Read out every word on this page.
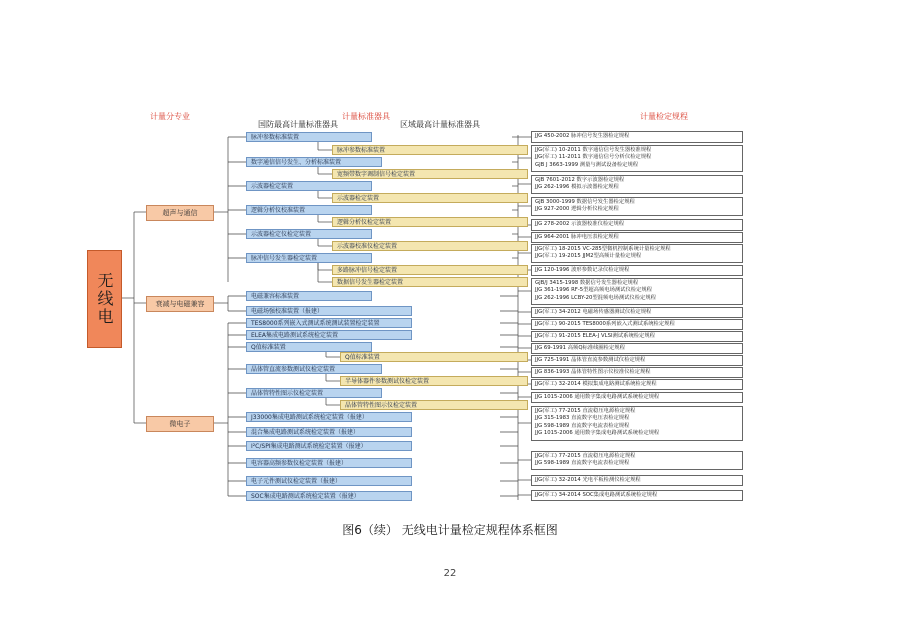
计量分专业	计量标准器具
国防最高计量标准器具	区域最高计量标准器具
计量检定规程
无线电
超声与通信
衰减与电磁兼容
微电子
脉冲参数标准装置
脉冲参数标准装置
数字通信信号发生、分析标准装置
宽频带数字调制信号检定装置
示波器检定装置
示波器检定装置
逻辑分析仪校准装置
逻辑分析仪检定装置
示波器检定仪检定装置
示波器校准仪检定装置
脉冲信号发生器检定装置
多路脉冲信号检定装置
数据信号发生器检定装置
电磁兼容标准装置
电磁场强校准装置（报建）
TES8000系列嵌入式测试系统测试装置检定装置
ELEA集成电路测试系统检定装置
Q值标准装置
Q值标准装置
晶体管直流参数测试仪检定装置
半导体器件参数测试仪检定装置
晶体管特性图示仪检定装置
晶体管特性图示仪检定装置
J33000集成电路测试系统检定装置（报建）
混合集成电路测试系统检定装置（报建）
I²C/SPI集成电路测试系统检定装置（报建）
电容器高频参数仪检定装置（报建）
电子元件测试仪检定装置（报建）
SOC集成电路测试系统检定装置（报建）
JJG 450-2002 脉冲信号发生器检定规程
JJG(军工) 10-2011 数字通信信号发生器校准规程
JJG(军工) 11-2011 数字通信信号分析仪检定规程
GJB J 3663-1999 测量与测试设备检定规程
GJB 7601-2012 数字示波器检定规程
JJG 262-1996 模拟示波器检定规程
GJB 3000-1999 数据信号发生器检定规程
JJG 927-2000 逻辑分析仪检定规程
JJG 278-2002 示波器校准仪检定规程
JJG 964-2001 脉冲电压表检定规程
JJG(军工) 18-2015 VC-285型微机控制系统计量检定规程
JJG(军工) 19-2015 JJM2型高频计量检定规程
JJG 120-1996 波形参数记录仪检定规程
GJB/J 3415-1998 数据信号发生器检定规程
JJG 361-1996 RF-5型超高频电场测试仪检定规程
JJG 262-1996 LCBY-20型混频电场测试仪检定规程
JJG(军工) 34-2012 电磁场传感器测试仪检定规程
JJG(军工) 90-2015 TES8000系列嵌入式测试系统检定规程
JJG(军工) 91-2015 ELEA-J VLSI测试系统检定规程
JJG 69-1991 高频Q标准线圈检定规程
JJG 725-1991 晶体管直流参数测试仪检定规程
JJG 836-1993 晶体管特性图示仪校准仪检定规程
JJG(军工) 32-2014 模拟集成电路测试系统检定规程
JJG 1015-2006 通用数字集成电路测试系统检定规程
JJG(军工) 77-2015 直流稳压电源检定规程
JJG 315-1983 直流数字电压表检定规程
JJG 598-1989 直流数字电流表检定规程
JJG 1015-2006 通用数字集成电路测试系统检定规程
JJG(军工) 77-2015 直流稳压电源检定规程
JJG 598-1989 直流数字电流表检定规程
JJG(军工) 32-2014 光电平板检测仪检定规程
JJG(军工) 34-2014 SOC集成电路测试系统检定规程
图6（续） 无线电计量检定规程体系框图
22
